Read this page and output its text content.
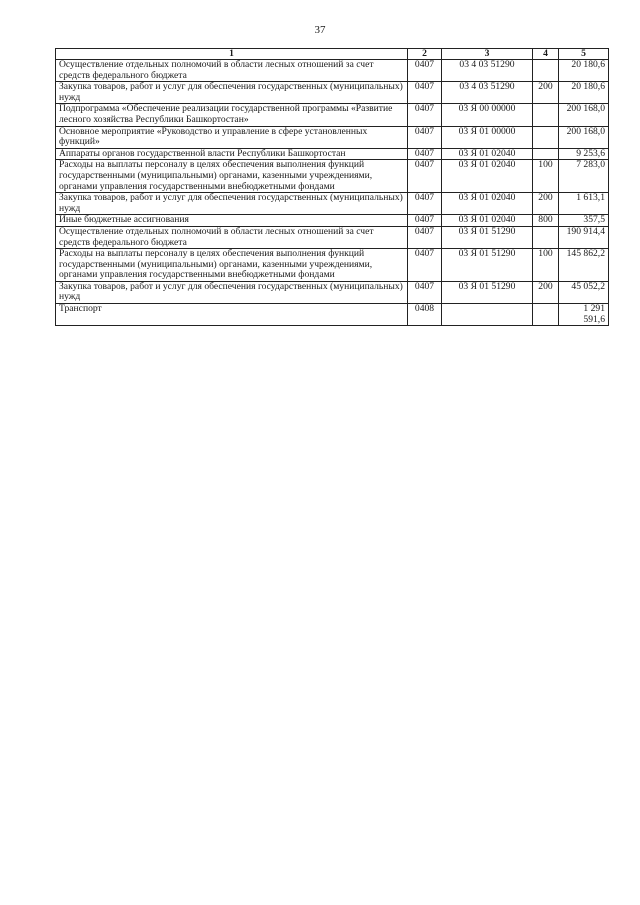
37
1	2	3	4	5
Осуществление отдельных полномочий в области лесных отношений за счет средств федерального бюджета	0407	03 4 03 51290		20 180,6
Закупка товаров, работ и услуг для обеспечения государственных (муниципальных) нужд	0407	03 4 03 51290	200	20 180,6
Подпрограмма «Обеспечение реализации государственной программы «Развитие лесного хозяйства Республики Башкортостан»	0407	03 Я 00 00000		200 168,0
Основное мероприятие «Руководство и управление в сфере установленных функций»	0407	03 Я 01 00000		200 168,0
Аппараты органов государственной власти Республики Башкортостан	0407	03 Я 01 02040		9 253,6
Расходы на выплаты персоналу в целях обеспечения выполнения функций государственными (муниципальными) органами, казенными учреждениями, органами управления государственными внебюджетными фондами	0407	03 Я 01 02040	100	7 283,0
Закупка товаров, работ и услуг для обеспечения государственных (муниципальных) нужд	0407	03 Я 01 02040	200	1 613,1
Иные бюджетные ассигнования	0407	03 Я 01 02040	800	357,5
Осуществление отдельных полномочий в области лесных отношений за счет средств федерального бюджета	0407	03 Я 01 51290		190 914,4
Расходы на выплаты персоналу в целях обеспечения выполнения функций государственными (муниципальными) органами, казенными учреждениями, органами управления государственными внебюджетными фондами	0407	03 Я 01 51290	100	145 862,2
Закупка товаров, работ и услуг для обеспечения государственных (муниципальных) нужд	0407	03 Я 01 51290	200	45 052,2
Транспорт	0408			1 291 591,6
